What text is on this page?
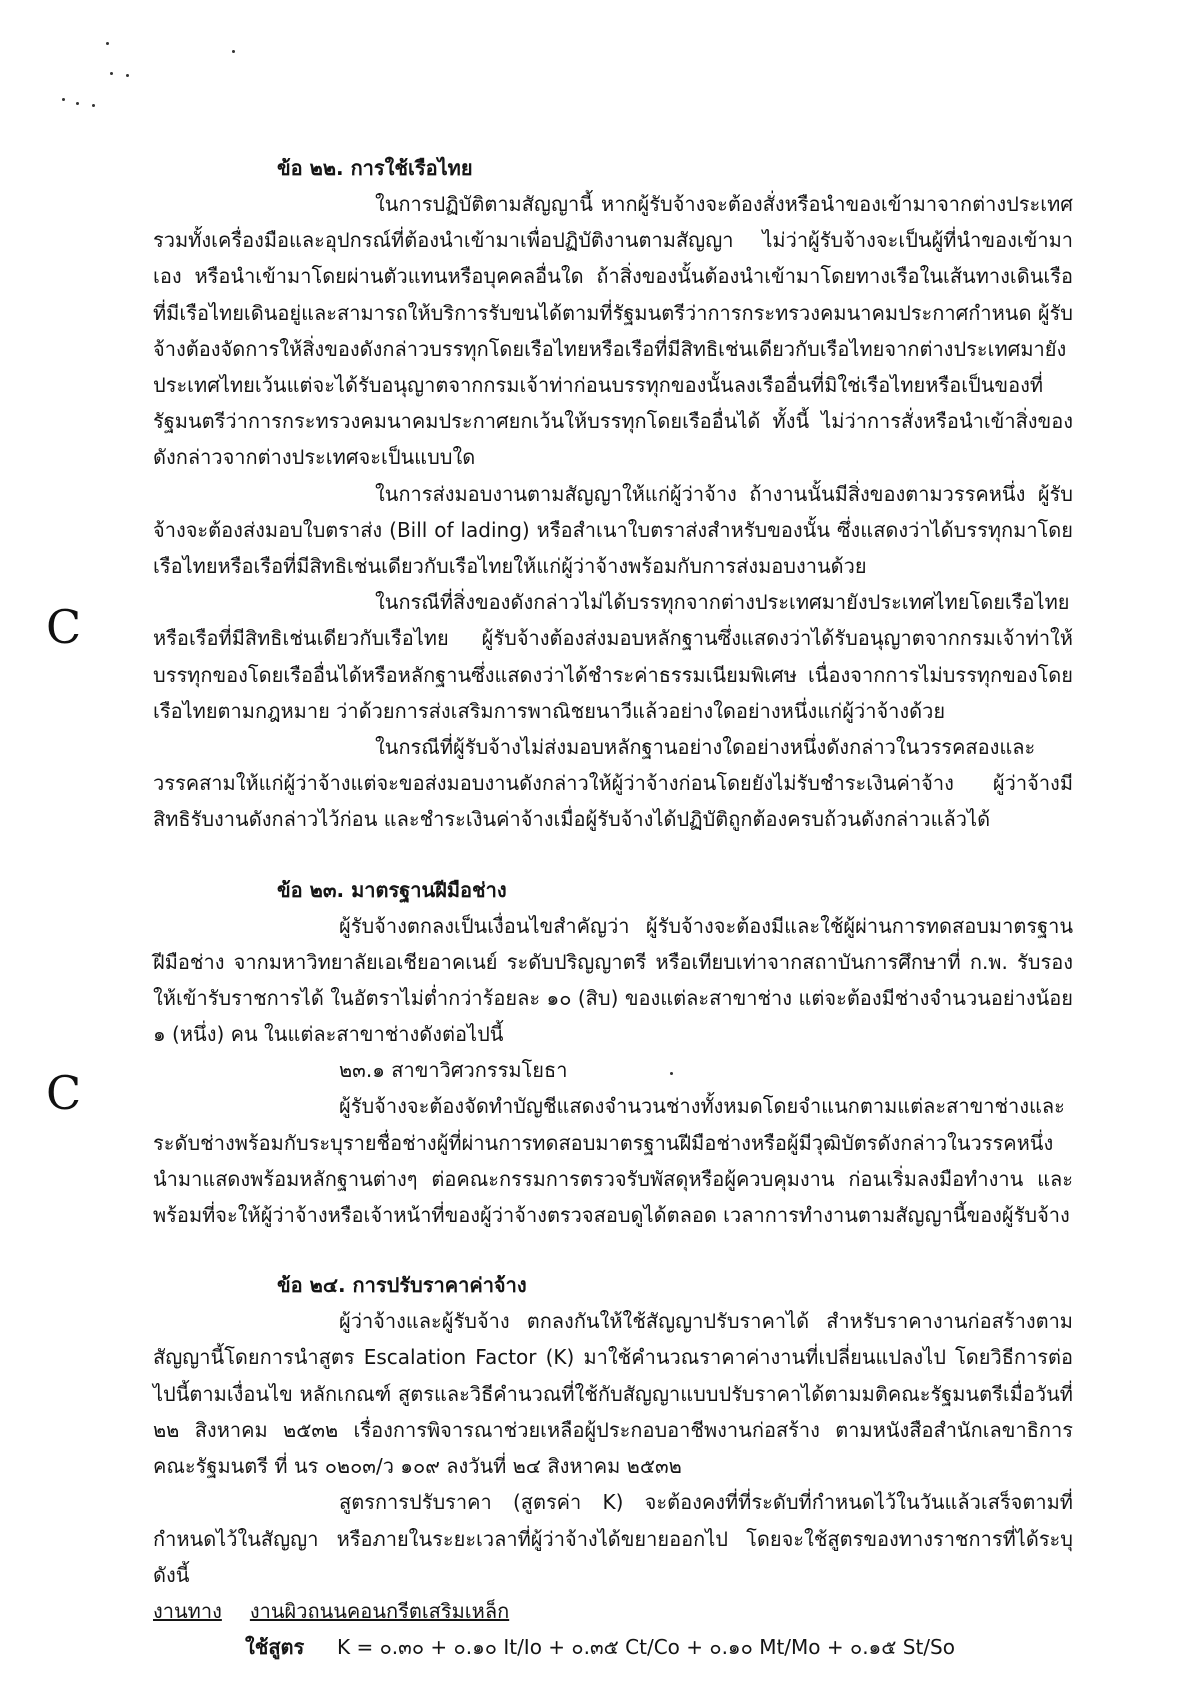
C
C

ข้อ ๒๒. การใช้เรือไทย

ในการปฏิบัติตามสัญญานี้ หากผู้รับจ้างจะต้องสั่งหรือนำของเข้ามาจากต่างประเทศ รวมทั้งเครื่องมือและอุปกรณ์ที่ต้องนำเข้ามาเพื่อปฏิบัติงานตามสัญญา ไม่ว่าผู้รับจ้างจะเป็นผู้ที่นำของเข้ามาเอง หรือนำเข้ามาโดยผ่านตัวแทนหรือบุคคลอื่นใด ถ้าสิ่งของนั้นต้องนำเข้ามาโดยทางเรือในเส้นทางเดินเรือที่มีเรือไทยเดินอยู่และสามารถให้บริการรับขนได้ตามที่รัฐมนตรีว่าการกระทรวงคมนาคมประกาศกำหนด ผู้รับจ้างต้องจัดการให้สิ่งของดังกล่าวบรรทุกโดยเรือไทยหรือเรือที่มีสิทธิเช่นเดียวกับเรือไทยจากต่างประเทศมายังประเทศไทยเว้นแต่จะได้รับอนุญาตจากกรมเจ้าท่าก่อนบรรทุกของนั้นลงเรืออื่นที่มิใช่เรือไทยหรือเป็นของที่รัฐมนตรีว่าการกระทรวงคมนาคมประกาศยกเว้นให้บรรทุกโดยเรืออื่นได้ ทั้งนี้ ไม่ว่าการสั่งหรือนำเข้าสิ่งของดังกล่าวจากต่างประเทศจะเป็นแบบใด

ในการส่งมอบงานตามสัญญาให้แก่ผู้ว่าจ้าง ถ้างานนั้นมีสิ่งของตามวรรคหนึ่ง ผู้รับจ้างจะต้องส่งมอบใบตราส่ง (Bill of lading) หรือสำเนาใบตราส่งสำหรับของนั้น ซึ่งแสดงว่าได้บรรทุกมาโดยเรือไทยหรือเรือที่มีสิทธิเช่นเดียวกับเรือไทยให้แก่ผู้ว่าจ้างพร้อมกับการส่งมอบงานด้วย

ในกรณีที่สิ่งของดังกล่าวไม่ได้บรรทุกจากต่างประเทศมายังประเทศไทยโดยเรือไทยหรือเรือที่มีสิทธิเช่นเดียวกับเรือไทย ผู้รับจ้างต้องส่งมอบหลักฐานซึ่งแสดงว่าได้รับอนุญาตจากกรมเจ้าท่าให้บรรทุกของโดยเรืออื่นได้หรือหลักฐานซึ่งแสดงว่าได้ชำระค่าธรรมเนียมพิเศษ เนื่องจากการไม่บรรทุกของโดยเรือไทยตามกฎหมาย ว่าด้วยการส่งเสริมการพาณิชยนาวีแล้วอย่างใดอย่างหนึ่งแก่ผู้ว่าจ้างด้วย

ในกรณีที่ผู้รับจ้างไม่ส่งมอบหลักฐานอย่างใดอย่างหนึ่งดังกล่าวในวรรคสองและวรรคสามให้แก่ผู้ว่าจ้างแต่จะขอส่งมอบงานดังกล่าวให้ผู้ว่าจ้างก่อนโดยยังไม่รับชำระเงินค่าจ้าง ผู้ว่าจ้างมีสิทธิรับงานดังกล่าวไว้ก่อน และชำระเงินค่าจ้างเมื่อผู้รับจ้างได้ปฏิบัติถูกต้องครบถ้วนดังกล่าวแล้วได้

ข้อ ๒๓. มาตรฐานฝีมือช่าง

ผู้รับจ้างตกลงเป็นเงื่อนไขสำคัญว่า ผู้รับจ้างจะต้องมีและใช้ผู้ผ่านการทดสอบมาตรฐานฝีมือช่าง จากมหาวิทยาลัยเอเชียอาคเนย์ ระดับปริญญาตรี หรือเทียบเท่าจากสถาบันการศึกษาที่ ก.พ. รับรองให้เข้ารับราชการได้ ในอัตราไม่ต่ำกว่าร้อยละ ๑๐ (สิบ) ของแต่ละสาขาช่าง แต่จะต้องมีช่างจำนวนอย่างน้อย ๑ (หนึ่ง) คน ในแต่ละสาขาช่างดังต่อไปนี้

๒๓.๑ สาขาวิศวกรรมโยธา

ผู้รับจ้างจะต้องจัดทำบัญชีแสดงจำนวนช่างทั้งหมดโดยจำแนกตามแต่ละสาขาช่างและระดับช่างพร้อมกับระบุรายชื่อช่างผู้ที่ผ่านการทดสอบมาตรฐานฝีมือช่างหรือผู้มีวุฒิบัตรดังกล่าวในวรรคหนึ่งนำมาแสดงพร้อมหลักฐานต่างๆ ต่อคณะกรรมการตรวจรับพัสดุหรือผู้ควบคุมงาน ก่อนเริ่มลงมือทำงาน และพร้อมที่จะให้ผู้ว่าจ้างหรือเจ้าหน้าที่ของผู้ว่าจ้างตรวจสอบดูได้ตลอด เวลาการทำงานตามสัญญานี้ของผู้รับจ้าง

ข้อ ๒๔. การปรับราคาค่าจ้าง

ผู้ว่าจ้างและผู้รับจ้าง ตกลงกันให้ใช้สัญญาปรับราคาได้ สำหรับราคางานก่อสร้างตามสัญญานี้โดยการนำสูตร Escalation Factor (K) มาใช้คำนวณราคาค่างานที่เปลี่ยนแปลงไป โดยวิธีการต่อไปนี้ตามเงื่อนไข หลักเกณฑ์ สูตรและวิธีคำนวณที่ใช้กับสัญญาแบบปรับราคาได้ตามมติคณะรัฐมนตรีเมื่อวันที่ ๒๒ สิงหาคม ๒๕๓๒ เรื่องการพิจารณาช่วยเหลือผู้ประกอบอาชีพงานก่อสร้าง ตามหนังสือสำนักเลขาธิการคณะรัฐมนตรี ที่ นร ๐๒๐๓/ว ๑๐๙ ลงวันที่ ๒๔ สิงหาคม ๒๕๓๒

สูตรการปรับราคา (สูตรค่า K) จะต้องคงที่ที่ระดับที่กำหนดไว้ในวันแล้วเสร็จตามที่กำหนดไว้ในสัญญา หรือภายในระยะเวลาที่ผู้ว่าจ้างได้ขยายออกไป โดยจะใช้สูตรของทางราชการที่ได้ระบุดังนี้

งานทาง งานผิวถนนคอนกรีตเสริมเหล็ก

ใช้สูตร K = ๐.๓๐ + ๐.๑๐ It/Io + ๐.๓๕ Ct/Co + ๐.๑๐ Mt/Mo + ๐.๑๕ St/So
